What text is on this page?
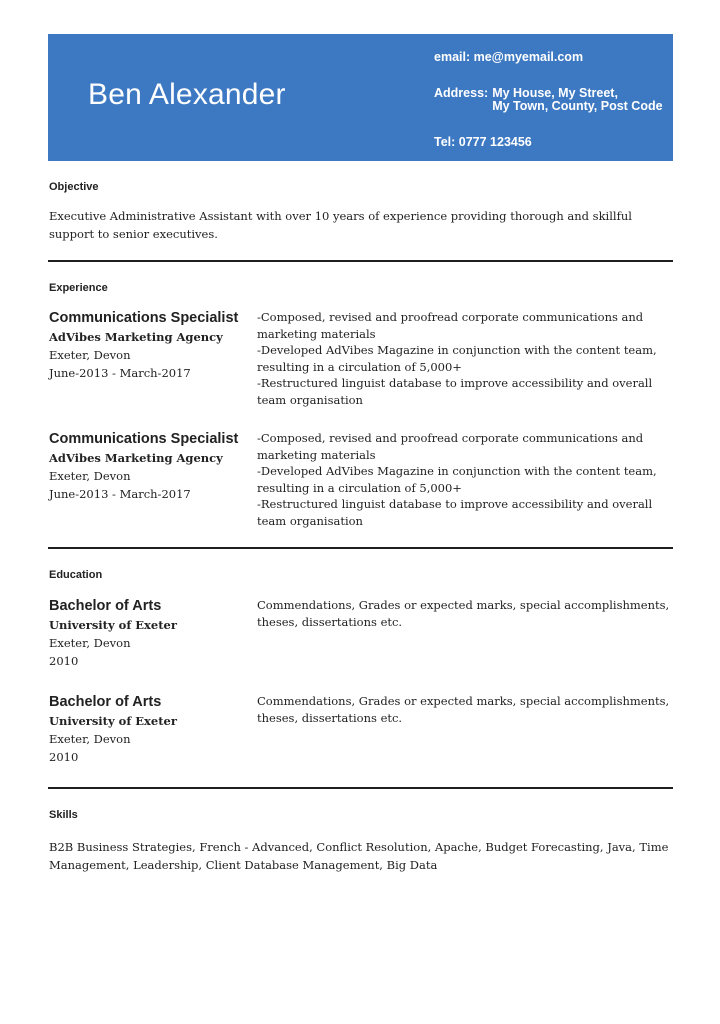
Ben Alexander
email: me@myemail.com
Address: My House, My Street,
My Town, County, Post Code
Tel: 0777 123456
Objective
Executive Administrative Assistant with over 10 years of experience providing thorough and skillful support to senior executives.
Experience
Communications Specialist
AdVibes Marketing Agency
Exeter, Devon
June-2013 - March-2017
-Composed, revised and proofread corporate communications and marketing materials
-Developed AdVibes Magazine in conjunction with the content team, resulting in a circulation of 5,000+
-Restructured linguist database to improve accessibility and overall team organisation
Communications Specialist
AdVibes Marketing Agency
Exeter, Devon
June-2013 - March-2017
-Composed, revised and proofread corporate communications and marketing materials
-Developed AdVibes Magazine in conjunction with the content team, resulting in a circulation of 5,000+
-Restructured linguist database to improve accessibility and overall team organisation
Education
Bachelor of Arts
University of Exeter
Exeter, Devon
2010
Commendations, Grades or expected marks, special accomplishments, theses, dissertations etc.
Bachelor of Arts
University of Exeter
Exeter, Devon
2010
Commendations, Grades or expected marks, special accomplishments, theses, dissertations etc.
Skills
B2B Business Strategies, French - Advanced, Conflict Resolution, Apache, Budget Forecasting, Java, Time Management, Leadership, Client Database Management, Big Data
